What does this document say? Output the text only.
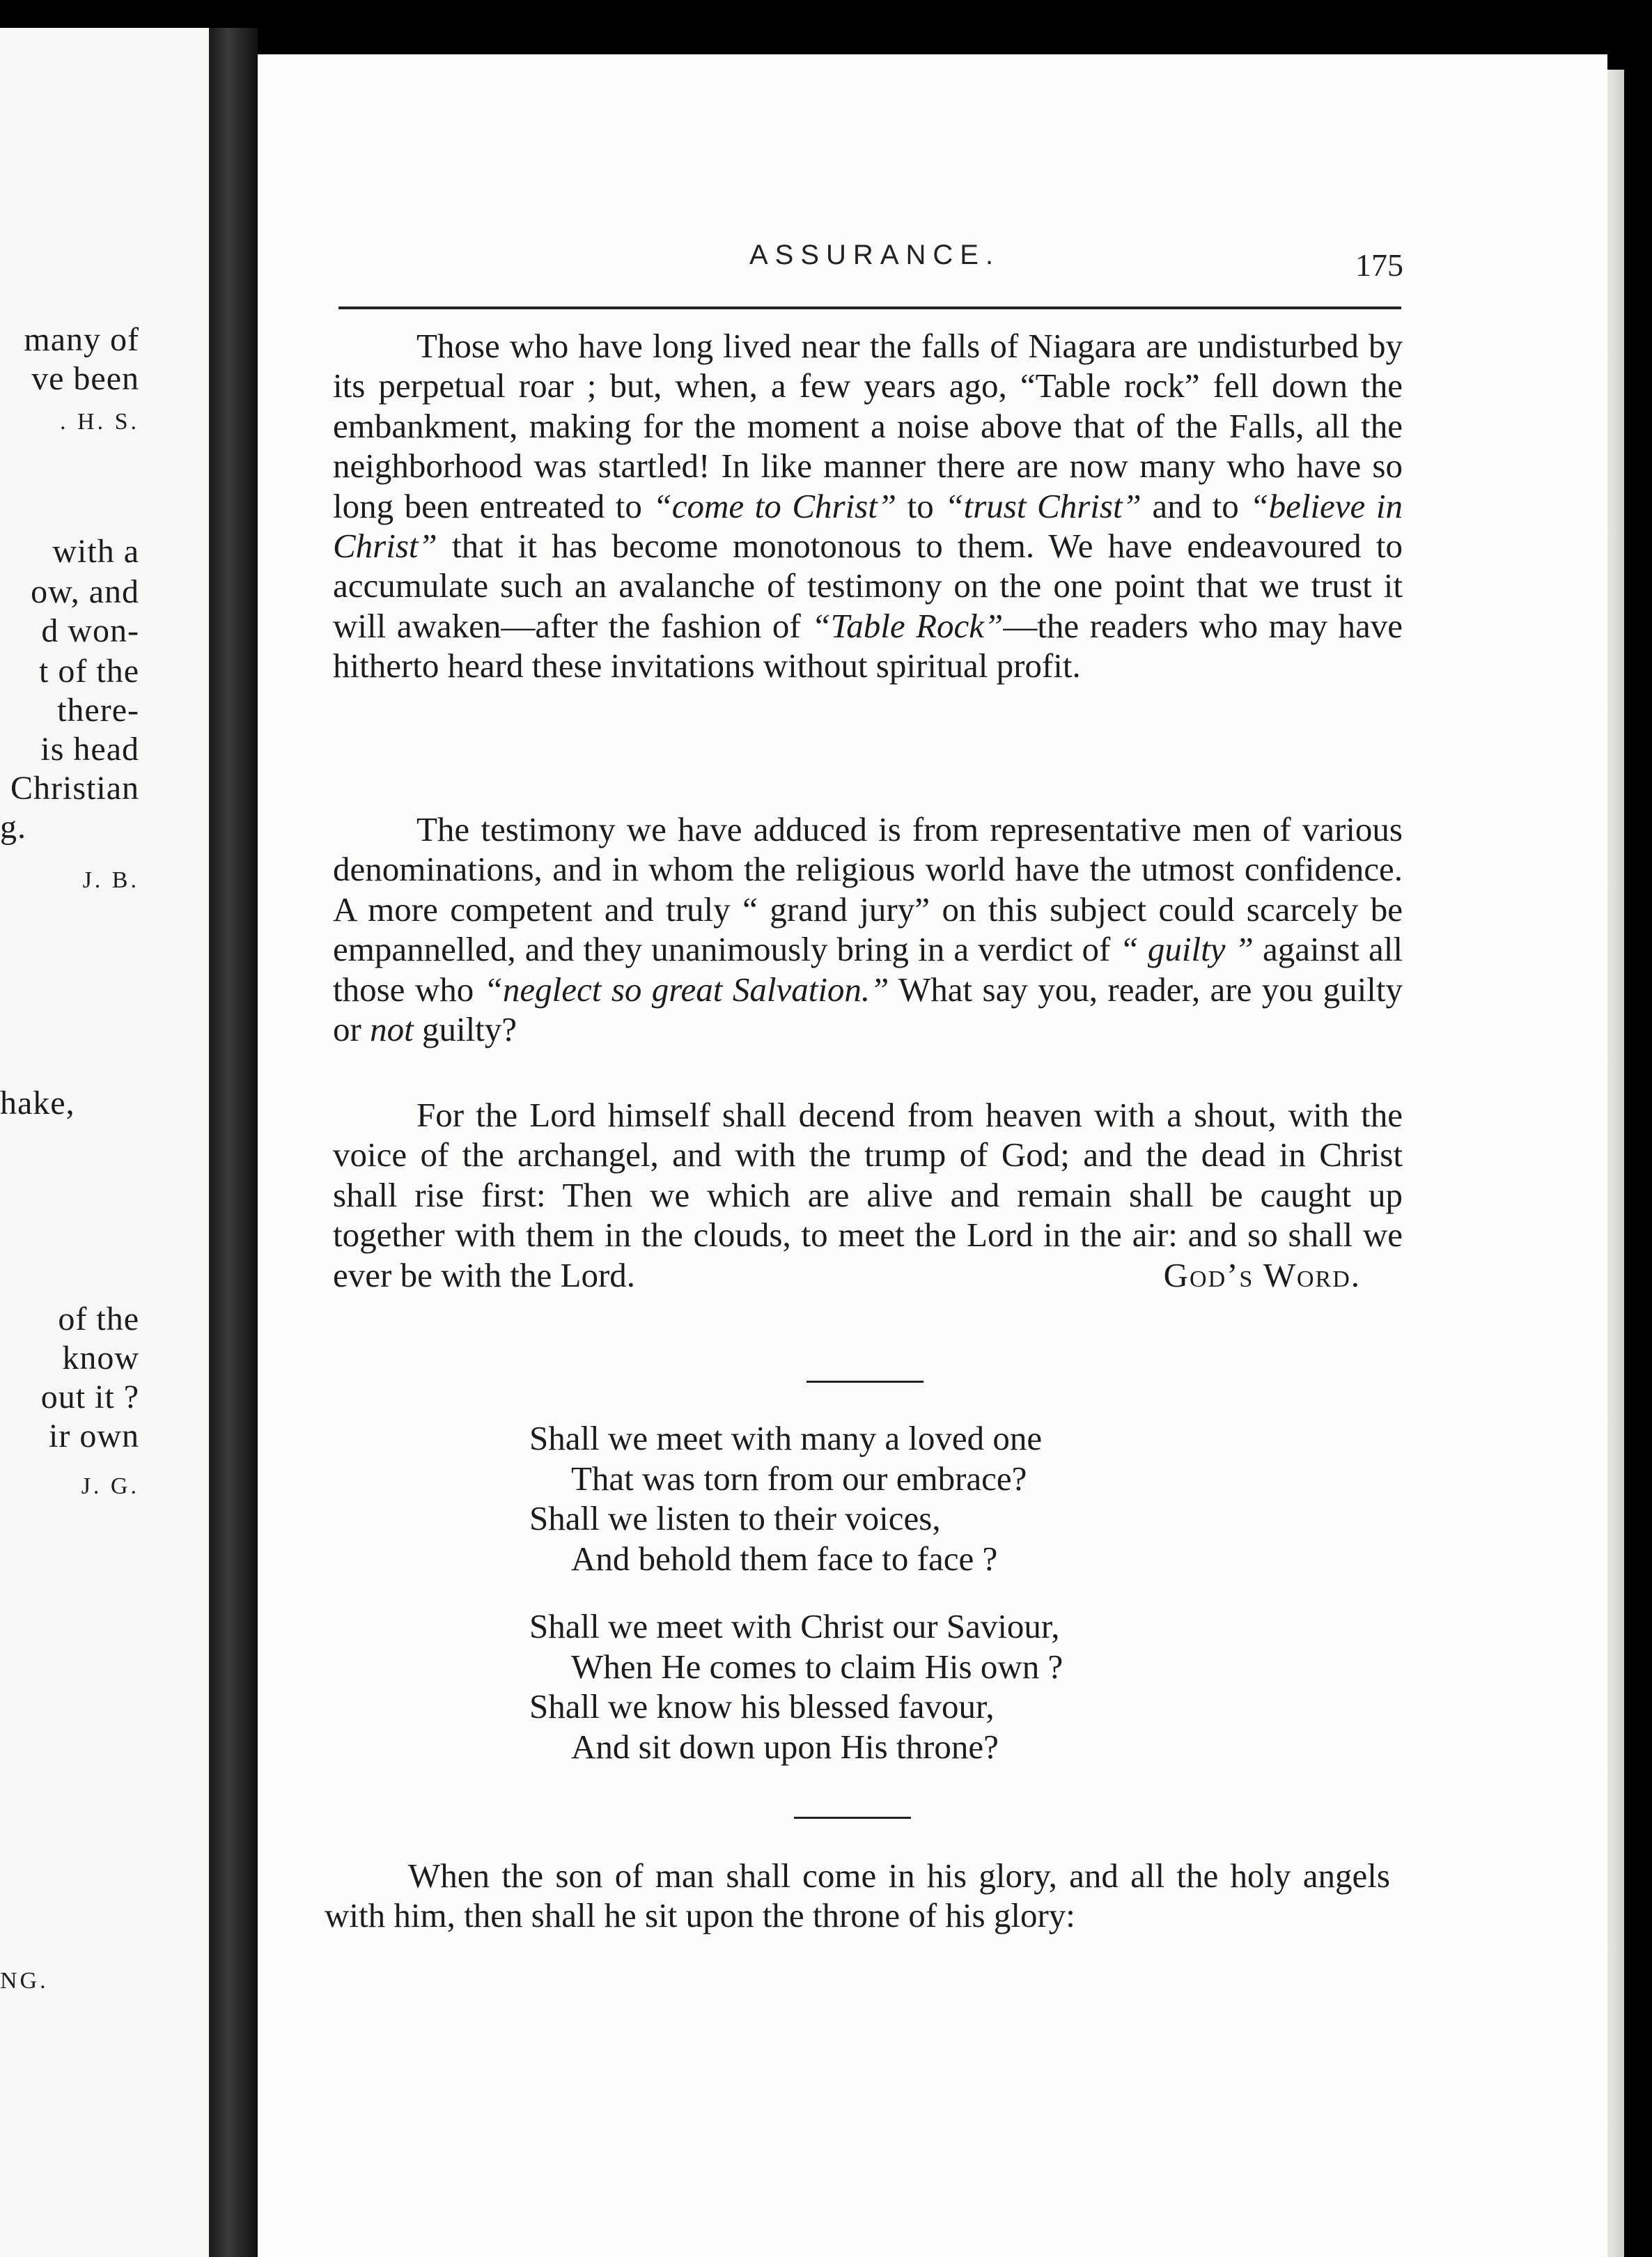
many of
ve been
. H. S.
with a
ow, and
d won-
t of the
there-
is head
Christian
g.
J. B.
hake,
of the
know
out it ?
ir own
J. G.
NG.
ASSURANCE.	175
Those who have long lived near the falls of Niagara are undisturbed by its perpetual roar ; but, when, a few years ago, “Table rock” fell down the embankment, making for the moment a noise above that of the Falls, all the neighborhood was startled! In like manner there are now many who have so long been entreated to “come to Christ” to “trust Christ” and to “believe in Christ” that it has become monotonous to them. We have endeavoured to accumulate such an avalanche of testimony on the one point that we trust it will awaken—after the fashion of “Table Rock”—the readers who may have hitherto heard these invitations without spiritual profit.
The testimony we have adduced is from representative men of various denominations, and in whom the religious world have the utmost confidence. A more competent and truly “ grand jury” on this subject could scarcely be empannelled, and they unanimously bring in a verdict of “ guilty ” against all those who “neglect so great Salvation.” What say you, reader, are you guilty or not guilty?
For the Lord himself shall decend from heaven with a shout, with the voice of the archangel, and with the trump of God; and the dead in Christ shall rise first: Then we which are alive and remain shall be caught up together with them in the clouds, to meet the Lord in the air: and so shall we ever be with the Lord.	God’s Word.
Shall we meet with many a loved one
That was torn from our embrace?
Shall we listen to their voices,
And behold them face to face ?
Shall we meet with Christ our Saviour,
When He comes to claim His own ?
Shall we know his blessed favour,
And sit down upon His throne?
When the son of man shall come in his glory, and all the holy angels with him, then shall he sit upon the throne of his glory:
